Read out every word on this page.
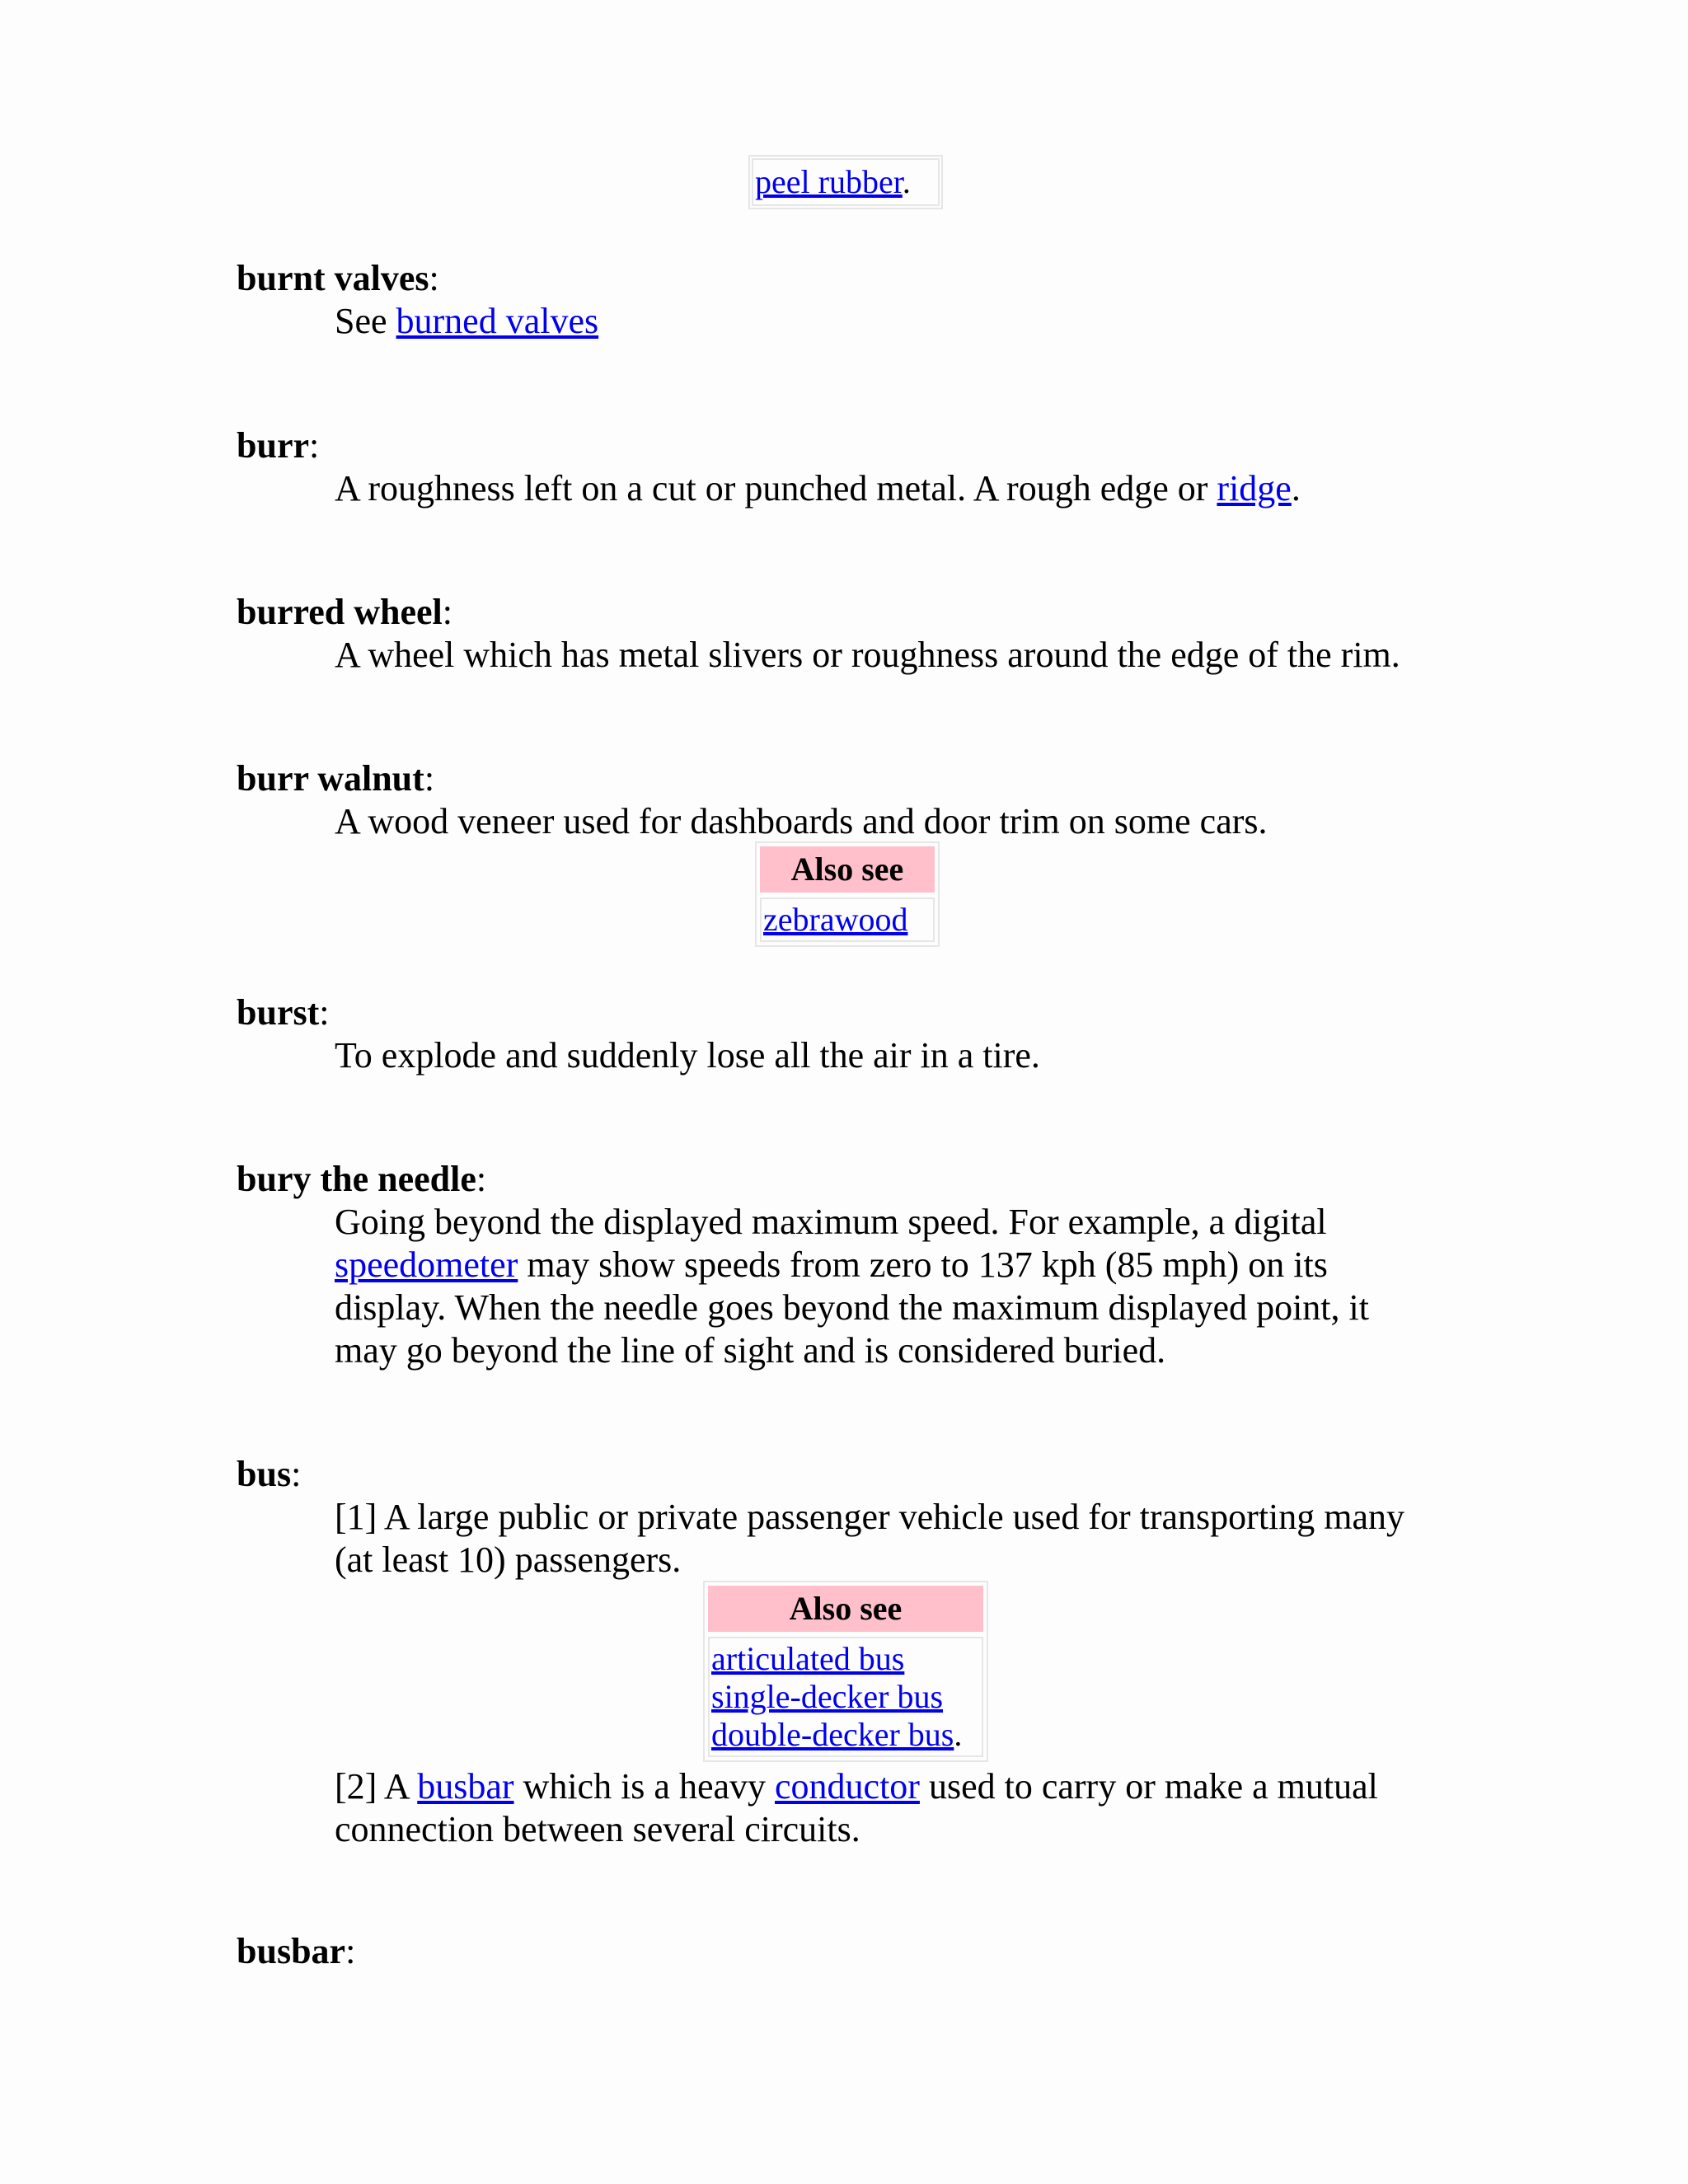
peel rubber.
burnt valves:
See burned valves
burr:
A roughness left on a cut or punched metal. A rough edge or ridge.
burred wheel:
A wheel which has metal slivers or roughness around the edge of the rim.
burr walnut:
A wood veneer used for dashboards and door trim on some cars.
Also see
zebrawood
burst:
To explode and suddenly lose all the air in a tire.
bury the needle:
Going beyond the displayed maximum speed. For example, a digital speedometer may show speeds from zero to 137 kph (85 mph) on its display. When the needle goes beyond the maximum displayed point, it may go beyond the line of sight and is considered buried.
bus:
[1] A large public or private passenger vehicle used for transporting many (at least 10) passengers.
Also see
articulated bus
single-decker bus
double-decker bus.
[2] A busbar which is a heavy conductor used to carry or make a mutual connection between several circuits.
busbar:
